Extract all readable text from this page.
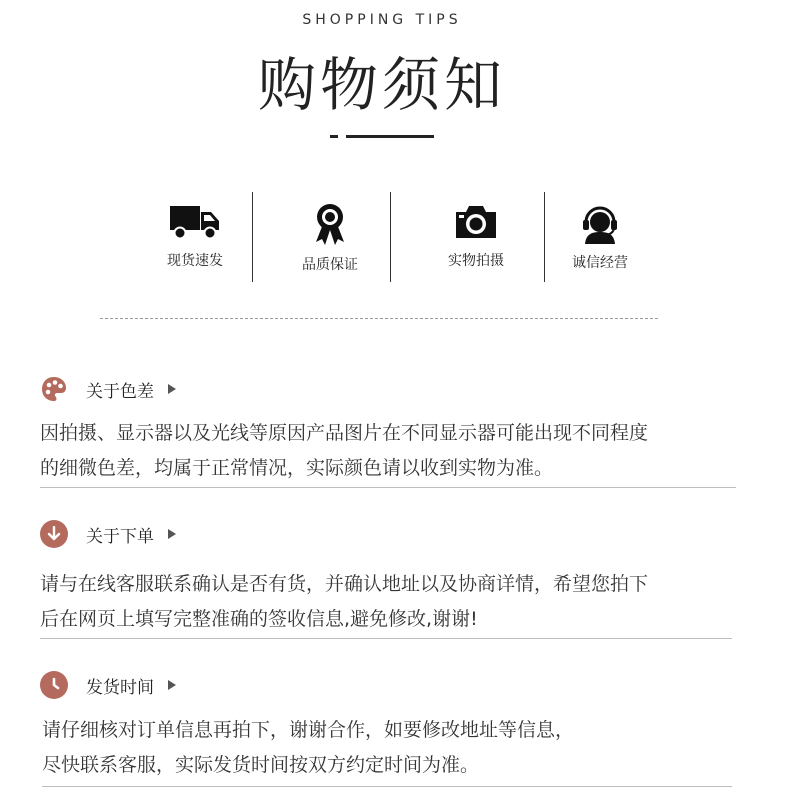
SHOPPING TIPS
购物须知
现货速发	品质保证	实物拍摄	诚信经营
关于色差
因拍摄、显示器以及光线等原因产品图片在不同显示器可能出现不同程度
的细微色差，均属于正常情况，实际颜色请以收到实物为准。
关于下单
请与在线客服联系确认是否有货，并确认地址以及协商详情，希望您拍下
后在网页上填写完整准确的签收信息,避免修改,谢谢!
发货时间
请仔细核对订单信息再拍下，谢谢合作，如要修改地址等信息，
尽快联系客服，实际发货时间按双方约定时间为准。
